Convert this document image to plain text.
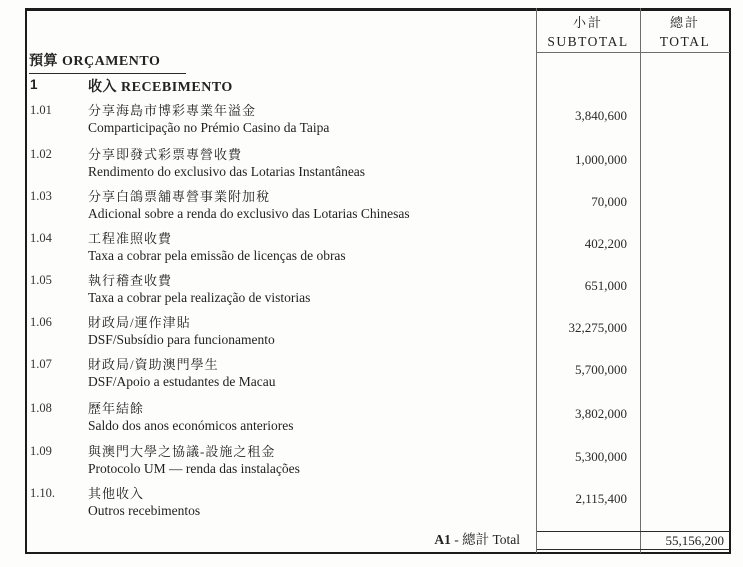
小計
SUBTOTAL
總計
TOTAL
預算 ORÇAMENTO
1	收入 RECEBIMENTO
1.01	分享海島市博彩專業年溢金
Comparticipação no Prémio Casino da Taipa
3,840,600
1.02	分享即發式彩票專營收費
Rendimento do exclusivo das Lotarias Instantâneas
1,000,000
1.03	分享白鴿票舖專營事業附加稅
Adicional sobre a renda do exclusivo das Lotarias Chinesas
70,000
1.04	工程准照收費
Taxa a cobrar pela emissão de licenças de obras
402,200
1.05	執行稽查收費
Taxa a cobrar pela realização de vistorias
651,000
1.06	財政局/運作津貼
DSF/Subsídio para funcionamento
32,275,000
1.07	財政局/資助澳門學生
DSF/Apoio a estudantes de Macau
5,700,000
1.08	歷年結餘
Saldo dos anos económicos anteriores
3,802,000
1.09	與澳門大學之協議-設施之租金
Protocolo UM — renda das instalações
5,300,000
1.10.	其他收入
Outros recebimentos
2,115,400
A1 - 總計 Total	55,156,200
